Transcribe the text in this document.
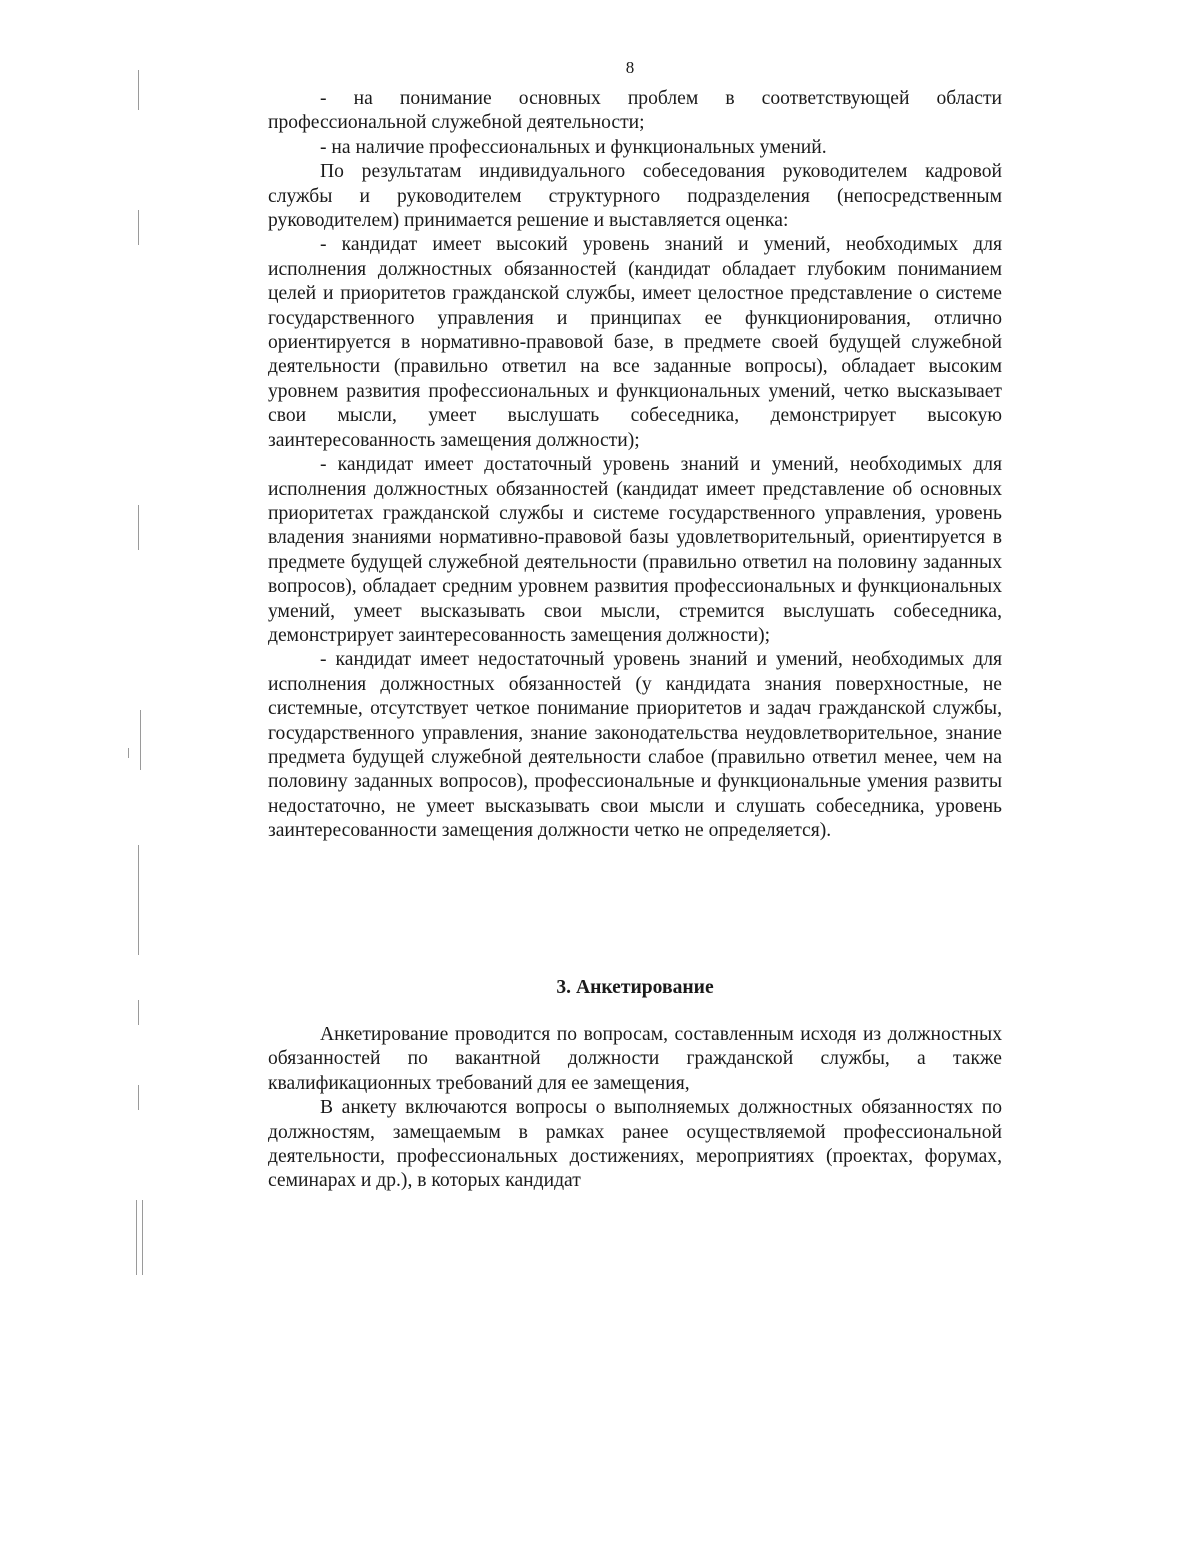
8

- на понимание основных проблем в соответствующей области профессиональной служебной деятельности;

- на наличие профессиональных и функциональных умений.

По результатам индивидуального собеседования руководителем кадровой службы и руководителем структурного подразделения (непосредственным руководителем) принимается решение и выставляется оценка:

- кандидат имеет высокий уровень знаний и умений, необходимых для исполнения должностных обязанностей (кандидат обладает глубоким пониманием целей и приоритетов гражданской службы, имеет целостное представление о системе государственного управления и принципах ее функционирования, отлично ориентируется в нормативно-правовой базе, в предмете своей будущей служебной деятельности (правильно ответил на все заданные вопросы), обладает высоким уровнем развития профессиональных и функциональных умений, четко высказывает свои мысли, умеет выслушать собеседника, демонстрирует высокую заинтересованность замещения должности);

- кандидат имеет достаточный уровень знаний и умений, необходимых для исполнения должностных обязанностей (кандидат имеет представление об основных приоритетах гражданской службы и системе государственного управления, уровень владения знаниями нормативно-правовой базы удовлетворительный, ориентируется в предмете будущей служебной деятельности (правильно ответил на половину заданных вопросов), обладает средним уровнем развития профессиональных и функциональных умений, умеет высказывать свои мысли, стремится выслушать собеседника, демонстрирует заинтересованность замещения должности);

- кандидат имеет недостаточный уровень знаний и умений, необходимых для исполнения должностных обязанностей (у кандидата знания поверхностные, не системные, отсутствует четкое понимание приоритетов и задач гражданской службы, государственного управления, знание законодательства неудовлетворительное, знание предмета будущей служебной деятельности слабое (правильно ответил менее, чем на половину заданных вопросов), профессиональные и функциональные умения развиты недостаточно, не умеет высказывать свои мысли и слушать собеседника, уровень заинтересованности замещения должности четко не определяется).

3. Анкетирование

Анкетирование проводится по вопросам, составленным исходя из должностных обязанностей по вакантной должности гражданской службы, а также квалификационных требований для ее замещения,

В анкету включаются вопросы о выполняемых должностных обязанностях по должностям, замещаемым в рамках ранее осуществляемой профессиональной деятельности, профессиональных достижениях, мероприятиях (проектах, форумах, семинарах и др.), в которых кандидат
